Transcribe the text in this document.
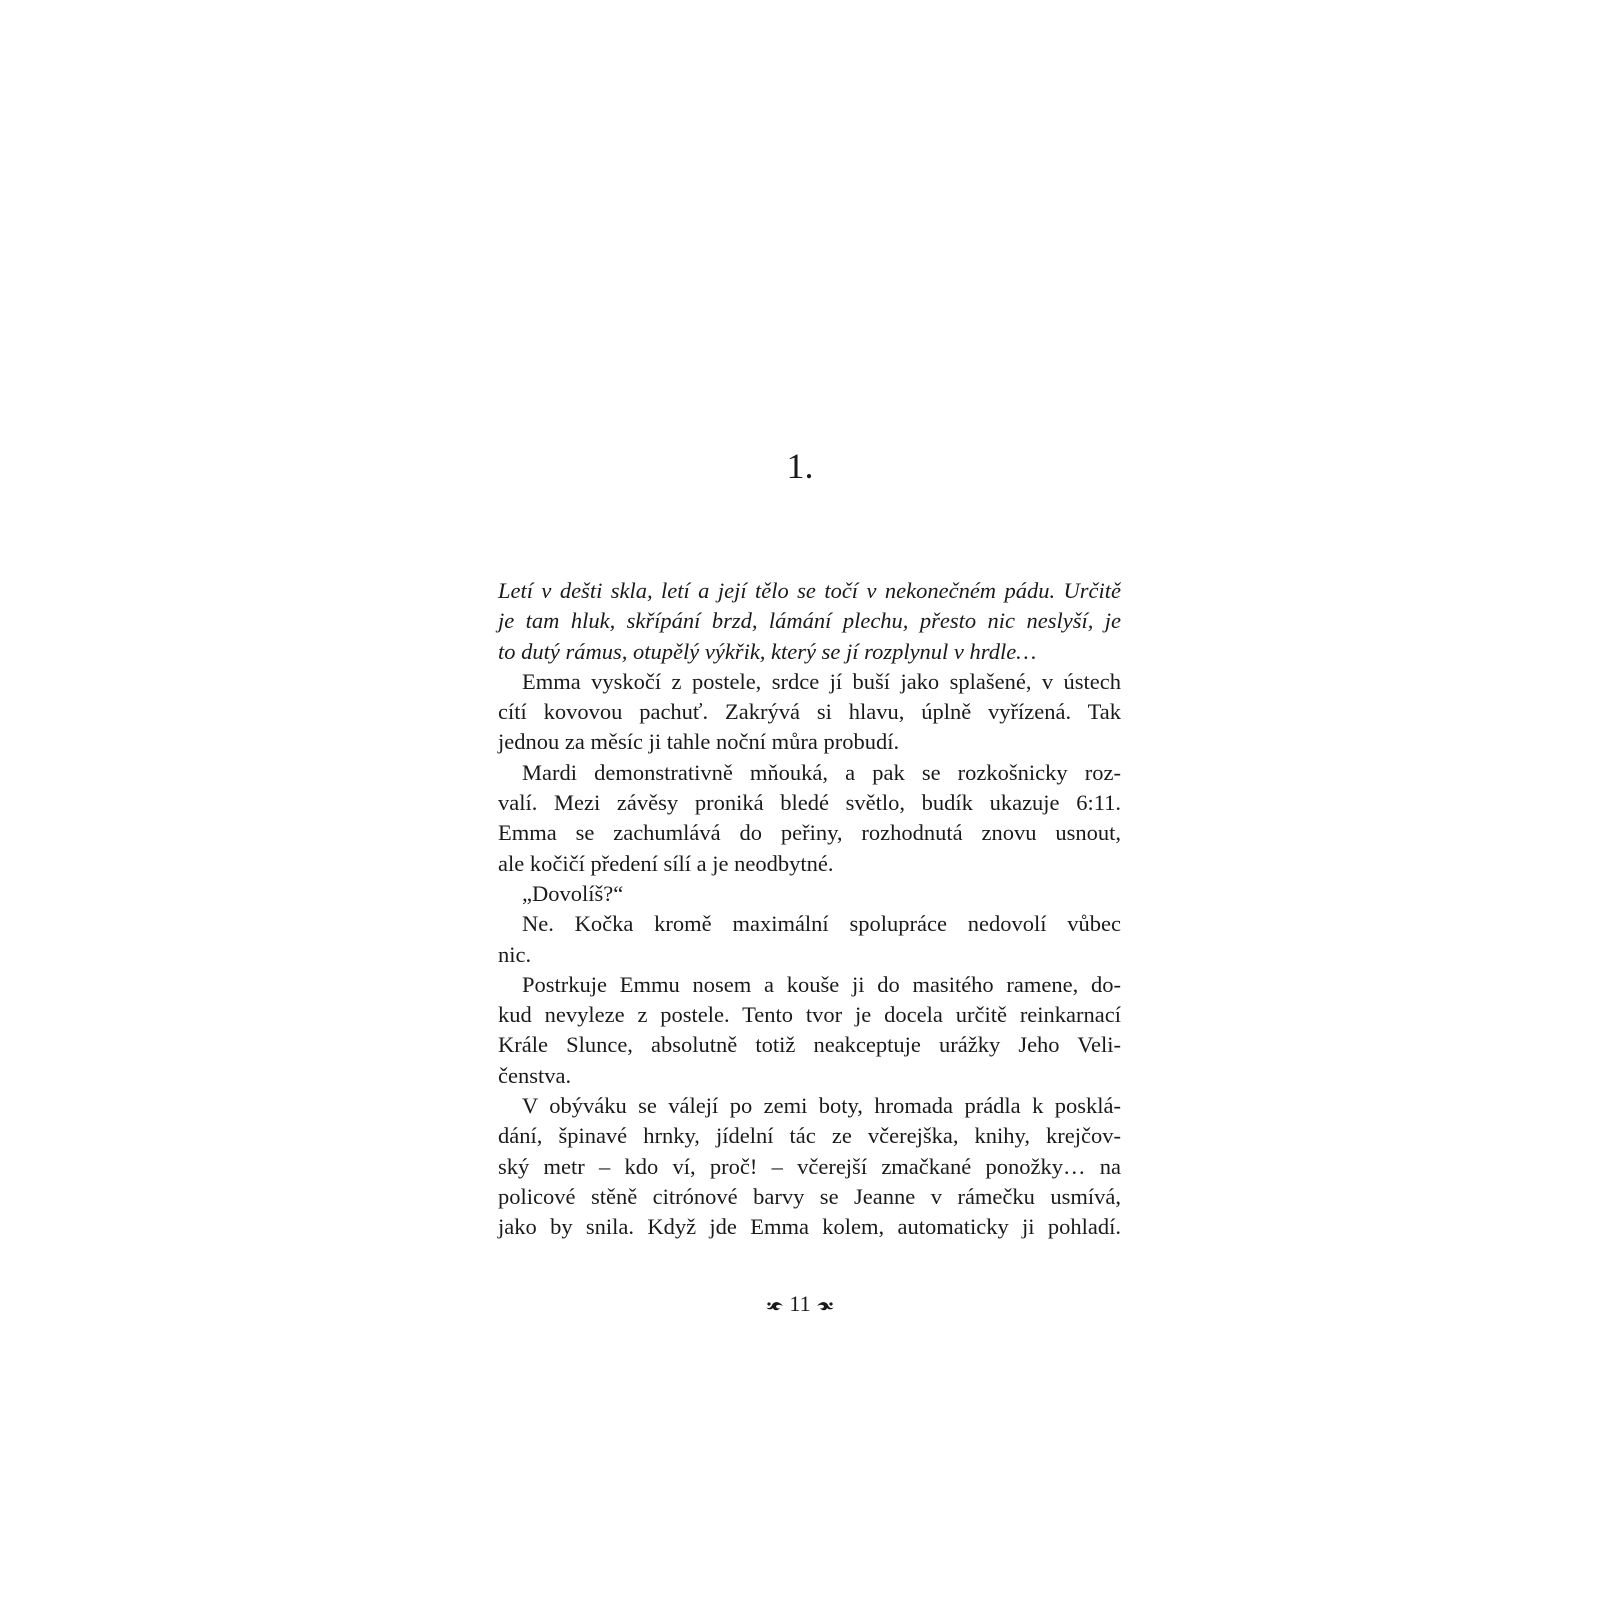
1.
Letí v dešti skla, letí a její tělo se točí v nekonečném pádu. Určitě
je tam hluk, skřípání brzd, lámání plechu, přesto nic neslyší, je
to dutý rámus, otupělý výkřik, který se jí rozplynul v hrdle…
Emma vyskočí z postele, srdce jí buší jako splašené, v ústech
cítí kovovou pachuť. Zakrývá si hlavu, úplně vyřízená. Tak
jednou za měsíc ji tahle noční můra probudí.
Mardi demonstrativně mňouká, a pak se rozkošnicky roz-
valí. Mezi závěsy proniká bledé světlo, budík ukazuje 6:11.
Emma se zachumlává do peřiny, rozhodnutá znovu usnout,
ale kočičí předení sílí a je neodbytné.
„Dovolíš?“
Ne. Kočka kromě maximální spolupráce nedovolí vůbec
nic.
Postrkuje Emmu nosem a kouše ji do masitého ramene, do-
kud nevyleze z postele. Tento tvor je docela určitě reinkarnací
Krále Slunce, absolutně totiž neakceptuje urážky Jeho Veli-
čenstva.
V obýváku se válejí po zemi boty, hromada prádla k posklá-
dání, špinavé hrnky, jídelní tác ze včerejška, knihy, krejčov-
ský metr – kdo ví, proč! – včerejší zmačkané ponožky… na
policové stěně citrónové barvy se Jeanne v rámečku usmívá,
jako by snila. Když jde Emma kolem, automaticky ji pohladí.
11
